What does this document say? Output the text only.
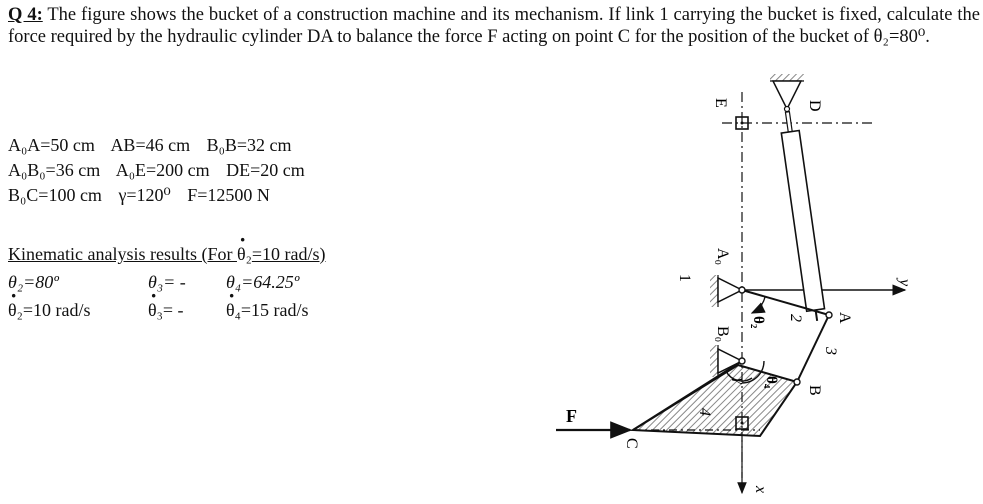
Q 4: The figure shows the bucket of a construction machine and its mechanism. If link 1 carrying the bucket is fixed, calculate the force required by the hydraulic cylinder DA to balance the force F acting on point C for the position of the bucket of θ₂=80⁰.
A₀A=50 cm AB=46 cm B₀B=32 cm
A₀B₀=36 cm A₀E=200 cm DE=20 cm
B₀C=100 cm γ=120⁰ F=12500 N
Kinematic analysis results (For · θ₂=10 rad/s)
θ₂=80º	θ₃= -	θ₄=64.25º
· θ₂=10 rad/s	· θ₃= -	· θ₄=15 rad/s
E	D
A₀
B₀
A
B
C
F
x
y
1
2
3
4
θ₂
θ₄
γ
